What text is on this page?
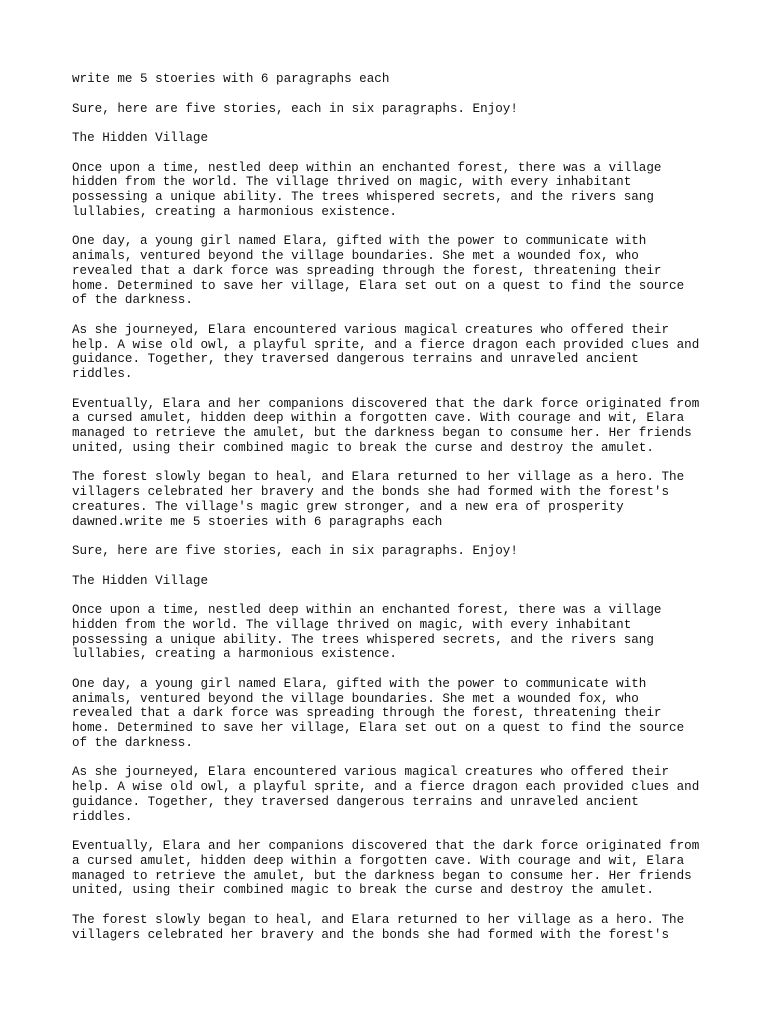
write me 5 stoeries with 6 paragraphs each

Sure, here are five stories, each in six paragraphs. Enjoy!

The Hidden Village

Once upon a time, nestled deep within an enchanted forest, there was a village
hidden from the world. The village thrived on magic, with every inhabitant
possessing a unique ability. The trees whispered secrets, and the rivers sang
lullabies, creating a harmonious existence.

One day, a young girl named Elara, gifted with the power to communicate with
animals, ventured beyond the village boundaries. She met a wounded fox, who
revealed that a dark force was spreading through the forest, threatening their
home. Determined to save her village, Elara set out on a quest to find the source
of the darkness.

As she journeyed, Elara encountered various magical creatures who offered their
help. A wise old owl, a playful sprite, and a fierce dragon each provided clues and
guidance. Together, they traversed dangerous terrains and unraveled ancient
riddles.

Eventually, Elara and her companions discovered that the dark force originated from
a cursed amulet, hidden deep within a forgotten cave. With courage and wit, Elara
managed to retrieve the amulet, but the darkness began to consume her. Her friends
united, using their combined magic to break the curse and destroy the amulet.

The forest slowly began to heal, and Elara returned to her village as a hero. The
villagers celebrated her bravery and the bonds she had formed with the forest's
creatures. The village's magic grew stronger, and a new era of prosperity
dawned.write me 5 stoeries with 6 paragraphs each

Sure, here are five stories, each in six paragraphs. Enjoy!

The Hidden Village

Once upon a time, nestled deep within an enchanted forest, there was a village
hidden from the world. The village thrived on magic, with every inhabitant
possessing a unique ability. The trees whispered secrets, and the rivers sang
lullabies, creating a harmonious existence.

One day, a young girl named Elara, gifted with the power to communicate with
animals, ventured beyond the village boundaries. She met a wounded fox, who
revealed that a dark force was spreading through the forest, threatening their
home. Determined to save her village, Elara set out on a quest to find the source
of the darkness.

As she journeyed, Elara encountered various magical creatures who offered their
help. A wise old owl, a playful sprite, and a fierce dragon each provided clues and
guidance. Together, they traversed dangerous terrains and unraveled ancient
riddles.

Eventually, Elara and her companions discovered that the dark force originated from
a cursed amulet, hidden deep within a forgotten cave. With courage and wit, Elara
managed to retrieve the amulet, but the darkness began to consume her. Her friends
united, using their combined magic to break the curse and destroy the amulet.

The forest slowly began to heal, and Elara returned to her village as a hero. The
villagers celebrated her bravery and the bonds she had formed with the forest's
